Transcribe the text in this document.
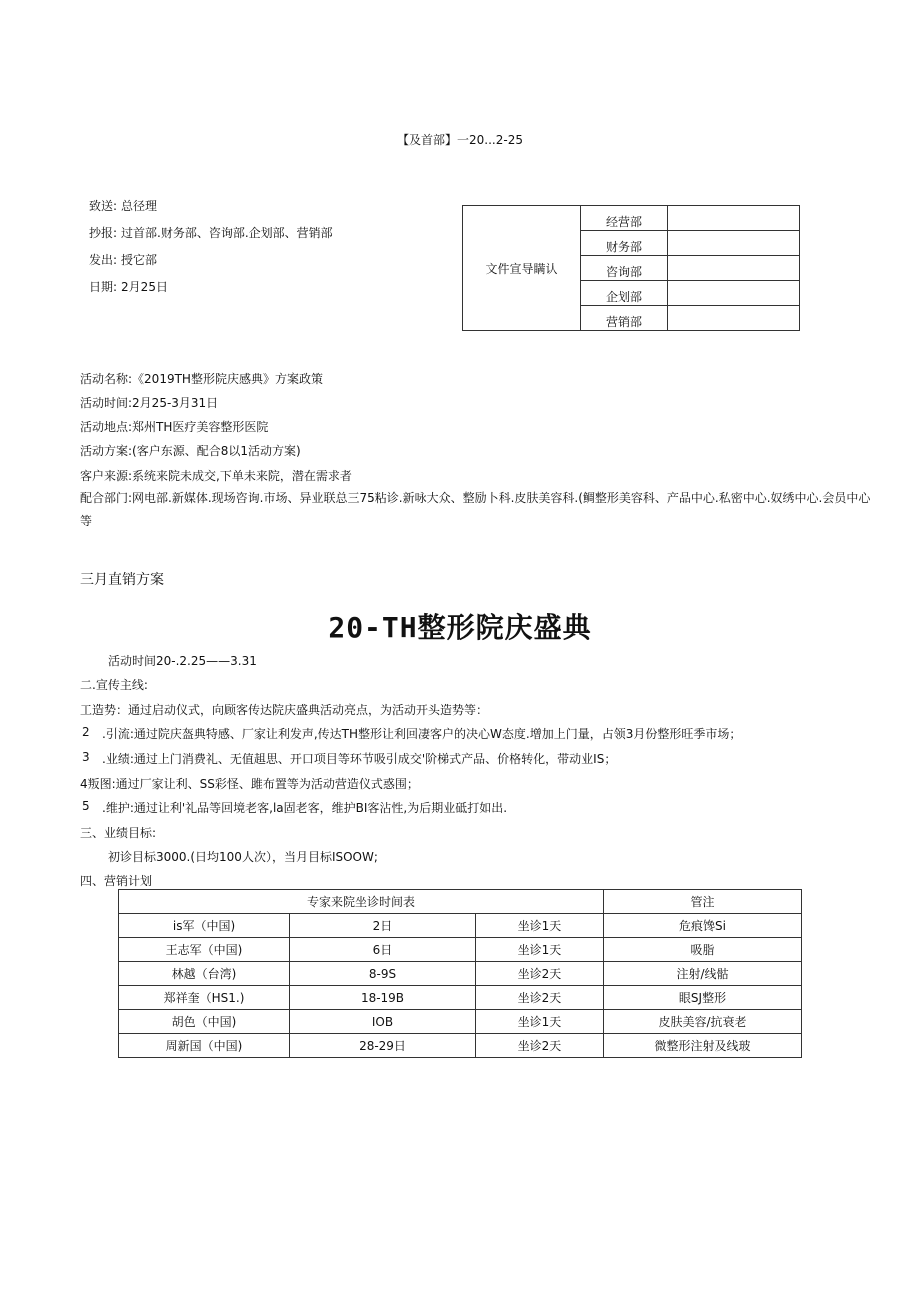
【及首部】一20...2-25
致送: 总径理
抄报: 过首部.财务部、咨询部.企划部、营销部
发出: 授它部
日期: 2月25日
文件宣导瞒认	经营部	
	财务部	
	咨询部	
	企划部	
	营销部	
活动名称:《2019TH整形院庆感典》方案政策
活动时间:2月25-3月31日
活动地点:郑州TH医疗美容整形医院
活动方案:(客户东源、配合8以1活动方案)
客户来源:系统来院未成交,下单未来院，潜在需求者
配合部门:网电部.新媒体.现场咨询.市场、异业联总三75粘诊.新咏大众、整励卜科.皮肤美容科.(鲷整形美容科、产品中心.私密中心.奴绣中心.会员中心等
三月直销方案
20-TH整形院庆盛典
活动时间20-.2.25——3.31
二.宣传主线:
工造势：通过启动仪式，向顾客传达院庆盛典活动亮点，为活动开头造势等：
2 .引流:通过院庆盔典特感、厂家让利发声,传达TH整形让利回凄客户的决心W态度.增加上门量，占领3月份整形旺季市场；
3 .业绩:通过上门消费礼、无值趄思、开口项目等环节吸引成交'阶梯式产品、价格转化，带动业IS；
4叛图:通过厂家让利、SS彩怪、雎布置等为活动营造仪式惑围；
5 .维护:通过让利'礼品等回境老客,la固老客，维护BI客沾性,为后期业砥打如出.
三、业绩目标:
初诊目标3000.(日均100人次），当月目标ISOOW;
四、营销计划
专家来院坐诊时间表			管注
is军（中国)	2日	坐诊1天	危痕馋Si
王志军（中国)	6日	坐诊1天	吸脂
林越（台湾)	8-9S	坐诊2天	注射/线骷
郑祥奎（HS1.)	18-19B	坐诊2天	眼SJ整形
胡色（中国)	IOB	坐诊1天	皮肤美容/抗衰老
周新国（中国)	28-29日	坐诊2天	微整形注射及线玻
